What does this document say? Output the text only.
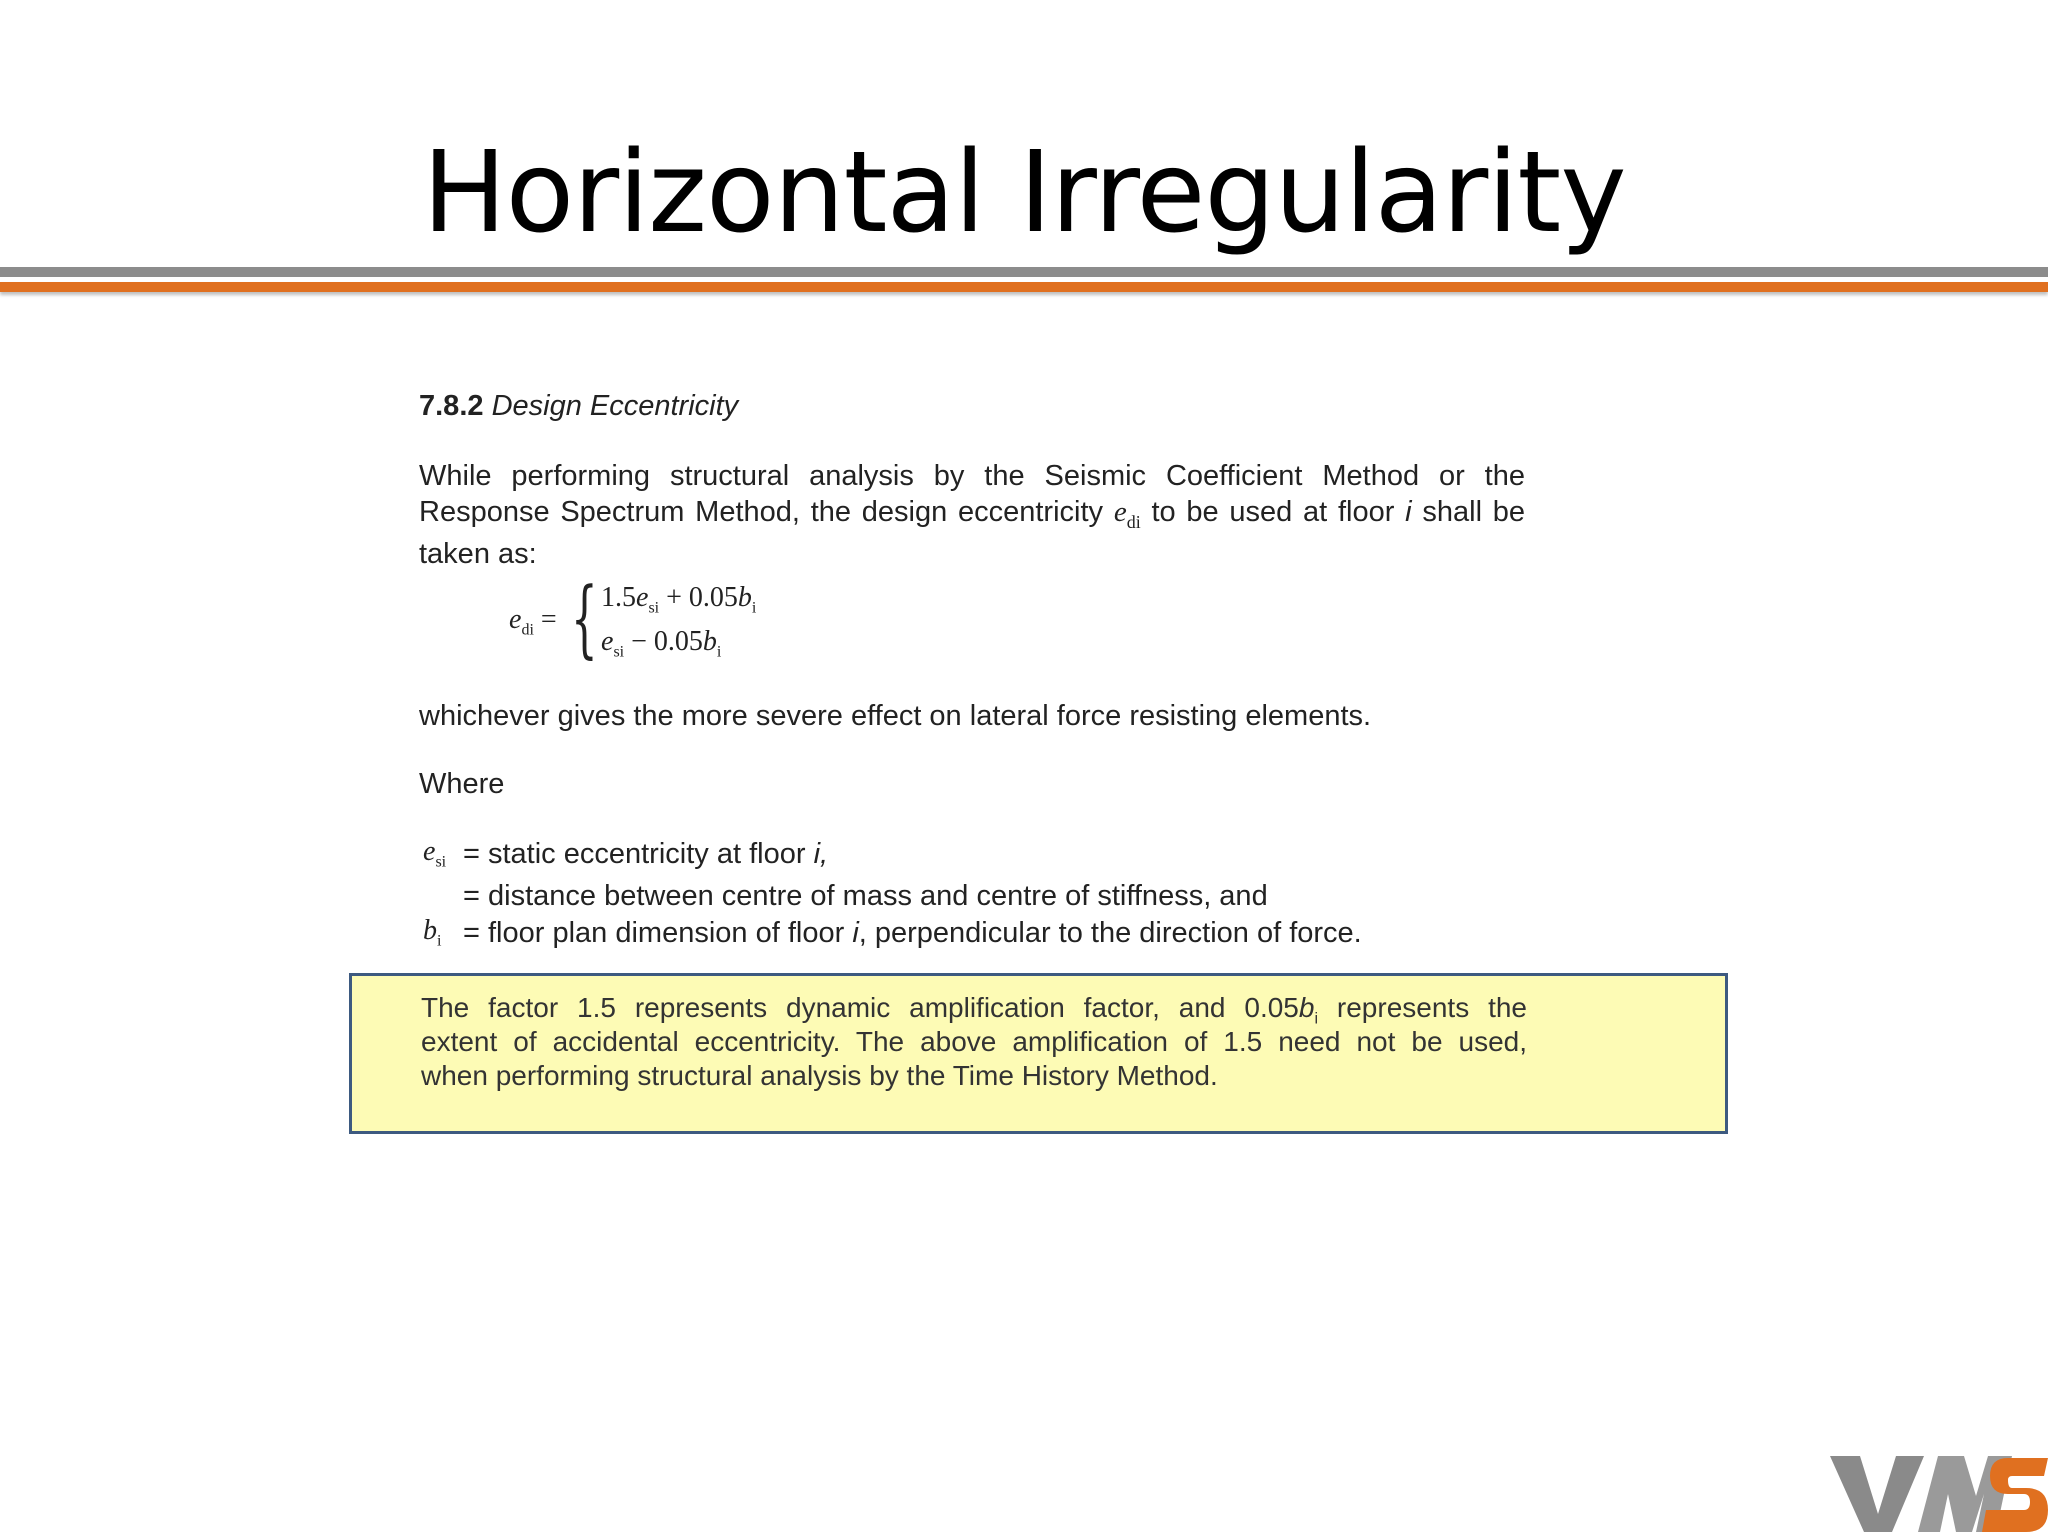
Horizontal Irregularity
7.8.2 Design Eccentricity
While performing structural analysis by the Seismic Coefficient Method or the
Response Spectrum Method, the design eccentricity $e_{di}$ to be used at floor i shall be
taken as:
$e_{di}$ = { $1.5e_{si} + 0.05b_i$
$e_{si} - 0.05b_i$
whichever gives the more severe effect on lateral force resisting elements.
Where
$e_{si}$ = static eccentricity at floor i,
= distance between centre of mass and centre of stiffness, and
$b_i$ = floor plan dimension of floor i, perpendicular to the direction of force.
The factor 1.5 represents dynamic amplification factor, and $0.05b_i$ represents the
extent of accidental eccentricity. The above amplification of 1.5 need not be used,
when performing structural analysis by the Time History Method.
